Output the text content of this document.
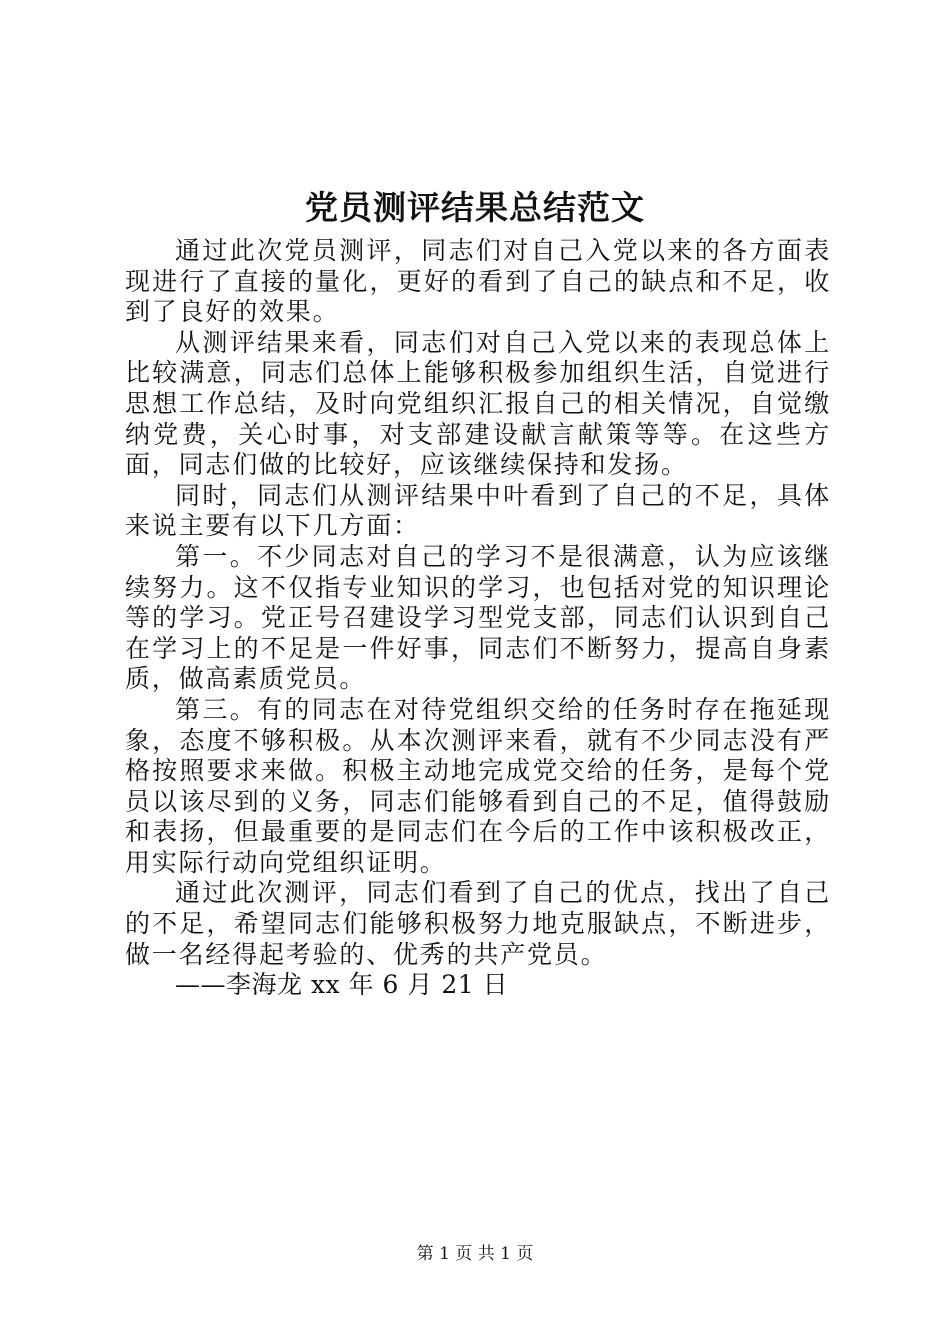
党员测评结果总结范文

通过此次党员测评，同志们对自己入党以来的各方面表现进行了直接的量化，更好的看到了自己的缺点和不足，收到了良好的效果。

从测评结果来看，同志们对自己入党以来的表现总体上比较满意，同志们总体上能够积极参加组织生活，自觉进行思想工作总结，及时向党组织汇报自己的相关情况，自觉缴纳党费，关心时事，对支部建设献言献策等等。在这些方面，同志们做的比较好，应该继续保持和发扬。

同时，同志们从测评结果中叶看到了自己的不足，具体来说主要有以下几方面：

第一。不少同志对自己的学习不是很满意，认为应该继续努力。这不仅指专业知识的学习，也包括对党的知识理论等的学习。党正号召建设学习型党支部，同志们认识到自己在学习上的不足是一件好事，同志们不断努力，提高自身素质，做高素质党员。

第三。有的同志在对待党组织交给的任务时存在拖延现象，态度不够积极。从本次测评来看，就有不少同志没有严格按照要求来做。积极主动地完成党交给的任务，是每个党员以该尽到的义务，同志们能够看到自己的不足，值得鼓励和表扬，但最重要的是同志们在今后的工作中该积极改正，用实际行动向党组织证明。

通过此次测评，同志们看到了自己的优点，找出了自己的不足，希望同志们能够积极努力地克服缺点，不断进步，做一名经得起考验的、优秀的共产党员。

——李海龙 xx 年 6 月 21 日

第 1 页 共 1 页
